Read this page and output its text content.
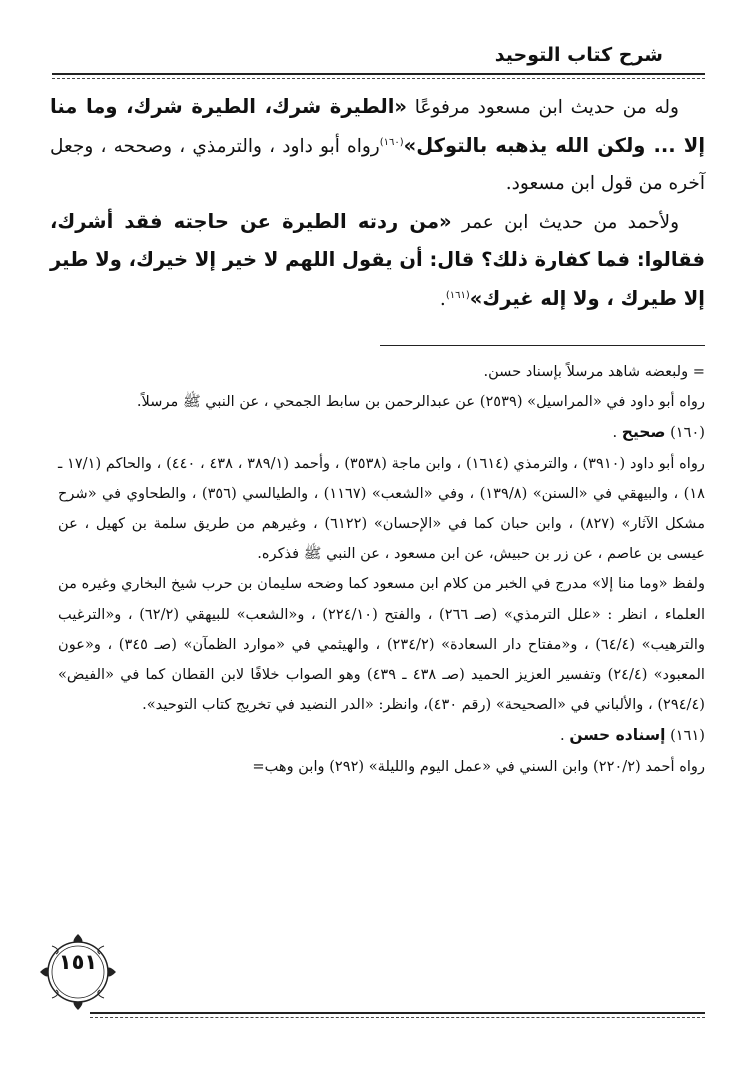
شرح كتاب التوحيد

وله من حديث ابن مسعود مرفوعًا «الطيرة شرك، الطيرة شرك، وما منا إلا ... ولكن الله يذهبه بالتوكل»$^{(١٦٠)}$رواه أبو داود ، والترمذي ، وصححه ، وجعل آخره من قول ابن مسعود.

ولأحمد من حديث ابن عمر «من ردته الطيرة عن حاجته فقد أشرك، فقالوا: فما كفارة ذلك؟ قال: أن يقول اللهم لا خير إلا خيرك، ولا طير إلا طيرك ، ولا إله غيرك»$^{(١٦١)}$.

= ولبعضه شاهد مرسلاً بإسناد حسن.

رواه أبو داود في «المراسيل» (٢٥٣٩) عن عبدالرحمن بن سابط الجمحي ، عن النبي ﷺ مرسلاً.

(١٦٠) صحيح .

رواه أبو داود (٣٩١٠) ، والترمذي (١٦١٤) ، وابن ماجة (٣٥٣٨) ، وأحمد (٣٨٩/١ ، ٤٣٨ ، ٤٤٠) ، والحاكم (١٧/١ ـ ١٨) ، والبيهقي في «السنن» (١٣٩/٨) ، وفي «الشعب» (١١٦٧) ، والطيالسي (٣٥٦) ، والطحاوي في «شرح مشكل الآثار» (٨٢٧) ، وابن حبان كما في «الإحسان» (٦١٢٢) ، وغيرهم من طريق سلمة بن كهيل ، عن عيسى بن عاصم ، عن زر بن حبيش، عن ابن مسعود ، عن النبي ﷺ فذكره.

ولفظ «وما منا إلا» مدرج في الخبر من كلام ابن مسعود كما وضحه سليمان بن حرب شيخ البخاري وغيره من العلماء ، انظر : «علل الترمذي» (صـ ٢٦٦) ، والفتح (٢٢٤/١٠) ، و«الشعب» للبيهقي (٦٢/٢) ، و«الترغيب والترهيب» (٦٤/٤) ، و«مفتاح دار السعادة» (٢٣٤/٢) ، والهيثمي في «موارد الظمآن» (صـ ٣٤٥) ، و«عون المعبود» (٢٤/٤) وتفسير العزيز الحميد (صـ ٤٣٨ ـ ٤٣٩) وهو الصواب خلافًا لابن القطان كما في «الفيض» (٢٩٤/٤) ، والألباني في «الصحيحة» (رقم ٤٣٠)، وانظر: «الدر النضيد في تخريج كتاب التوحيد».

(١٦١) إسناده حسن .

رواه أحمد (٢٢٠/٢) وابن السني في «عمل اليوم والليلة» (٢٩٢) وابن وهب=

١٥١
